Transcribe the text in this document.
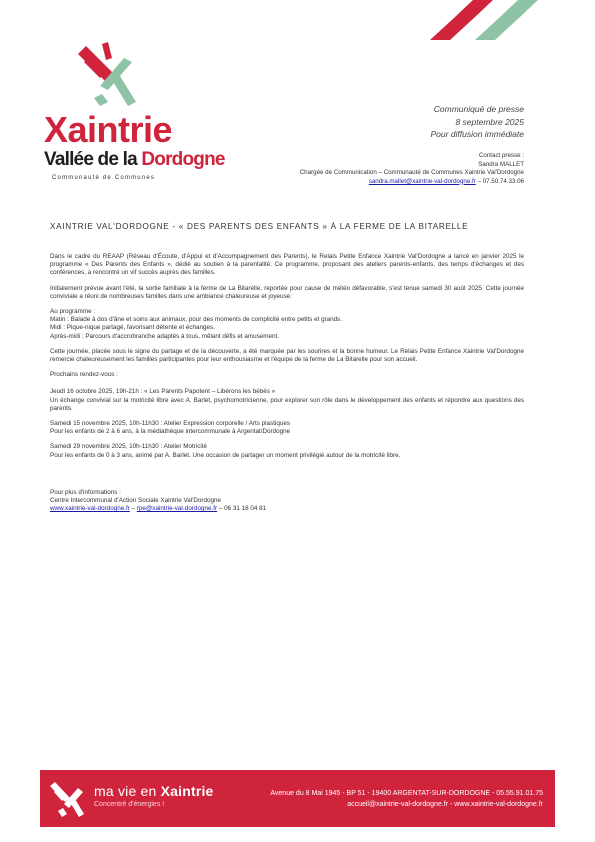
Xaintrie
Vallée de la Dordogne
Communauté de Communes
Communiqué de presse
8 septembre 2025
Pour diffusion immédiate
Contact presse :
Sandra MALLET
Chargée de Communication – Communauté de Communes Xaintrie Val'Dordogne
sandra.mallet@xaintrie-val-dordogne.fr – 07.50.74.33.06
XAINTRIE VAL'DORDOGNE - « DES PARENTS DES ENFANTS » À LA FERME DE LA BITARELLE

Dans le cadre du REAAP (Réseau d'Écoute, d'Appui et d'Accompagnement des Parents), le Relais Petite Enfance Xaintrie Val'Dordogne a lancé en janvier 2025 le programme « Des Parents des Enfants », dédié au soutien à la parentalité. Ce programme, proposant des ateliers parents-enfants, des temps d'échanges et des conférences, a rencontré un vif succès auprès des familles.

Initialement prévue avant l'été, la sortie familiale à la ferme de La Bitarelle, reportée pour cause de météo défavorable, s'est tenue samedi 30 août 2025. Cette journée conviviale a réuni de nombreuses familles dans une ambiance chaleureuse et joyeuse.

Au programme :
Matin : Balade à dos d'âne et soins aux animaux, pour des moments de complicité entre petits et grands.
Midi : Pique-nique partagé, favorisant détente et échanges.
Après-midi : Parcours d'accrobranche adaptés à tous, mêlant défis et amusement.

Cette journée, placée sous le signe du partage et de la découverte, a été marquée par les sourires et la bonne humeur. Le Relais Petite Enfance Xaintrie Val'Dordogne remercie chaleureusement les familles participantes pour leur enthousiasme et l'équipe de la ferme de La Bitarelle pour son accueil.

Prochains rendez-vous :

Jeudi 16 octobre 2025, 19h-21h : « Les Parents Papotent – Libérons les bébés »
Un échange convivial sur la motricité libre avec A. Barlet, psychomotricienne, pour explorer son rôle dans le développement des enfants et répondre aux questions des parents.

Samedi 15 novembre 2025, 10h-11h30 : Atelier Expression corporelle / Arts plastiques
Pour les enfants de 2 à 6 ans, à la médiathèque intercommunale à Argentat/Dordogne

Samedi 29 novembre 2025, 10h-11h30 : Atelier Motricité
Pour les enfants de 0 à 3 ans, animé par A. Barlet. Une occasion de partager un moment privilégié autour de la motricité libre.

Pour plus d'informations :
Centre Intercommunal d'Action Sociale Xaintrie Val'Dordogne
www.xaintrie-val-dordogne.fr – rpe@xaintrie-val-dordogne.fr – 06 31 18 04 81

ma vie en Xaintrie
Concentré d'énergies !
Avenue du 8 Mai 1945 - BP 51 - 19400 ARGENTAT-SUR-DORDOGNE - 05.55.91.01.75
accueil@xaintrie-val-dordogne.fr - www.xaintrie-val-dordogne.fr
